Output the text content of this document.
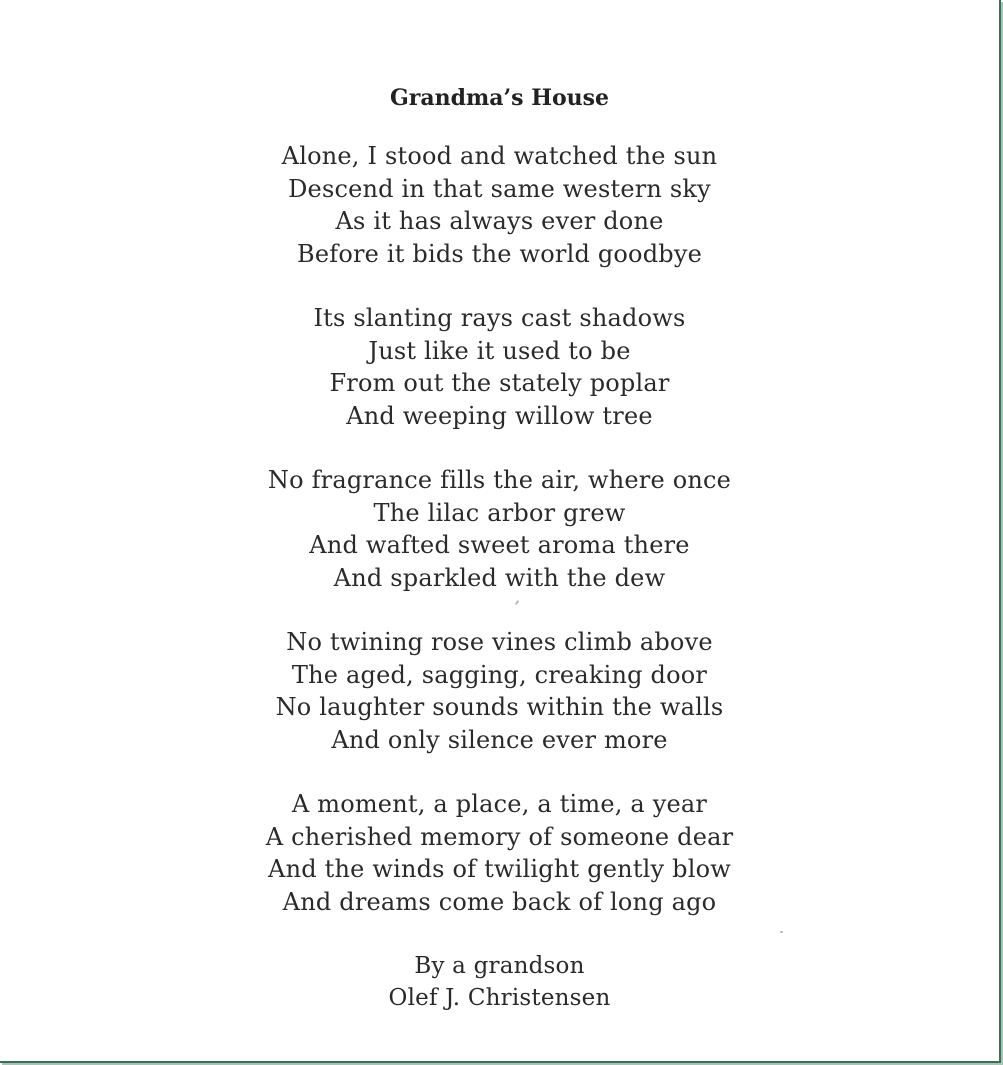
Grandma’s House
Alone, I stood and watched the sun
Descend in that same western sky
As it has always ever done
Before it bids the world goodbye
Its slanting rays cast shadows
Just like it used to be
From out the stately poplar
And weeping willow tree
No fragrance fills the air, where once
The lilac arbor grew
And wafted sweet aroma there
And sparkled with the dew
No twining rose vines climb above
The aged, sagging, creaking door
No laughter sounds within the walls
And only silence ever more
A moment, a place, a time, a year
A cherished memory of someone dear
And the winds of twilight gently blow
And dreams come back of long ago
By a grandson
Olef J. Christensen
